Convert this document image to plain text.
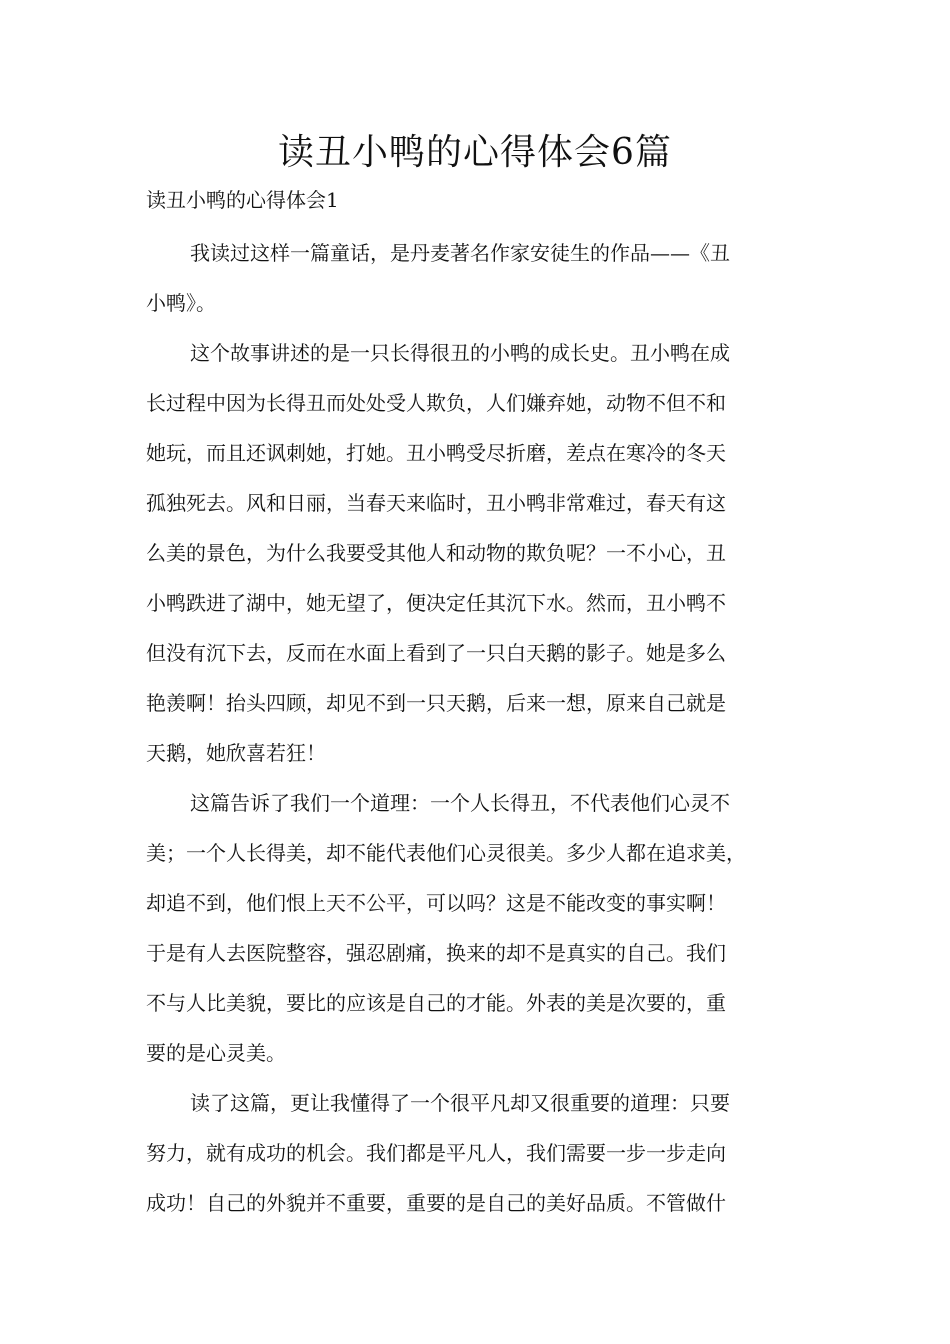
读丑小鸭的心得体会6篇

读丑小鸭的心得体会1

我读过这样一篇童话，是丹麦著名作家安徒生的作品——《丑
小鸭》。
这个故事讲述的是一只长得很丑的小鸭的成长史。丑小鸭在成
长过程中因为长得丑而处处受人欺负，人们嫌弃她，动物不但不和
她玩，而且还讽刺她，打她。丑小鸭受尽折磨，差点在寒冷的冬天
孤独死去。风和日丽，当春天来临时，丑小鸭非常难过，春天有这
么美的景色，为什么我要受其他人和动物的欺负呢？一不小心，丑
小鸭跌进了湖中，她无望了，便决定任其沉下水。然而，丑小鸭不
但没有沉下去，反而在水面上看到了一只白天鹅的影子。她是多么
艳羡啊！抬头四顾，却见不到一只天鹅，后来一想，原来自己就是
天鹅，她欣喜若狂！
这篇告诉了我们一个道理：一个人长得丑，不代表他们心灵不
美；一个人长得美，却不能代表他们心灵很美。多少人都在追求美，
却追不到，他们恨上天不公平，可以吗？这是不能改变的事实啊！
于是有人去医院整容，强忍剧痛，换来的却不是真实的自己。我们
不与人比美貌，要比的应该是自己的才能。外表的美是次要的，重
要的是心灵美。
读了这篇，更让我懂得了一个很平凡却又很重要的道理：只要
努力，就有成功的机会。我们都是平凡人，我们需要一步一步走向
成功！自己的外貌并不重要，重要的是自己的美好品质。不管做什
